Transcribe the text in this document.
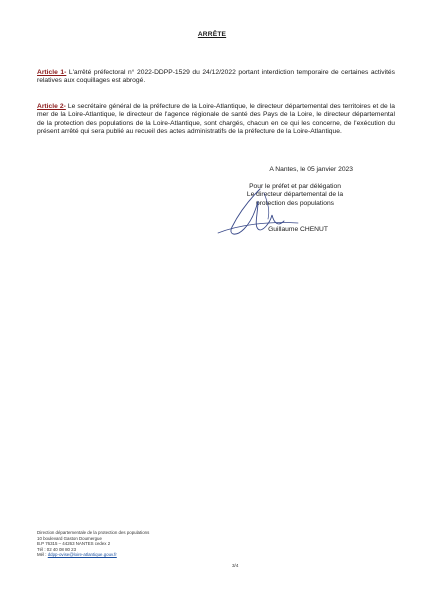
ARRÊTE
Article 1- L'arrêté préfectoral n° 2022-DDPP-1529 du 24/12/2022 portant interdiction temporaire de certaines activités relatives aux coquillages est abrogé.
Article 2- Le secrétaire général de la préfecture de la Loire-Atlantique, le directeur départemental des territoires et de la mer de la Loire-Atlantique, le directeur de l'agence régionale de santé des Pays de la Loire, le directeur départemental de la protection des populations de la Loire-Atlantique, sont chargés, chacun en ce qui les concerne, de l'exécution du présent arrêté qui sera publié au recueil des actes administratifs de la préfecture de la Loire-Atlantique.
A Nantes, le 05 janvier 2023
Pour le préfet et par délégation
Le directeur départemental de la
protection des populations
Guillaume CHENUT
Direction départementale de la protection des populations
10 boulevard Gaston Doumergue
B.P 76315 – 44263 NANTES cedex 2
Tél : 02 40 08 80 23
Mél : ddpp-ovise@loire-atlantique.gouv.fr
3/4
